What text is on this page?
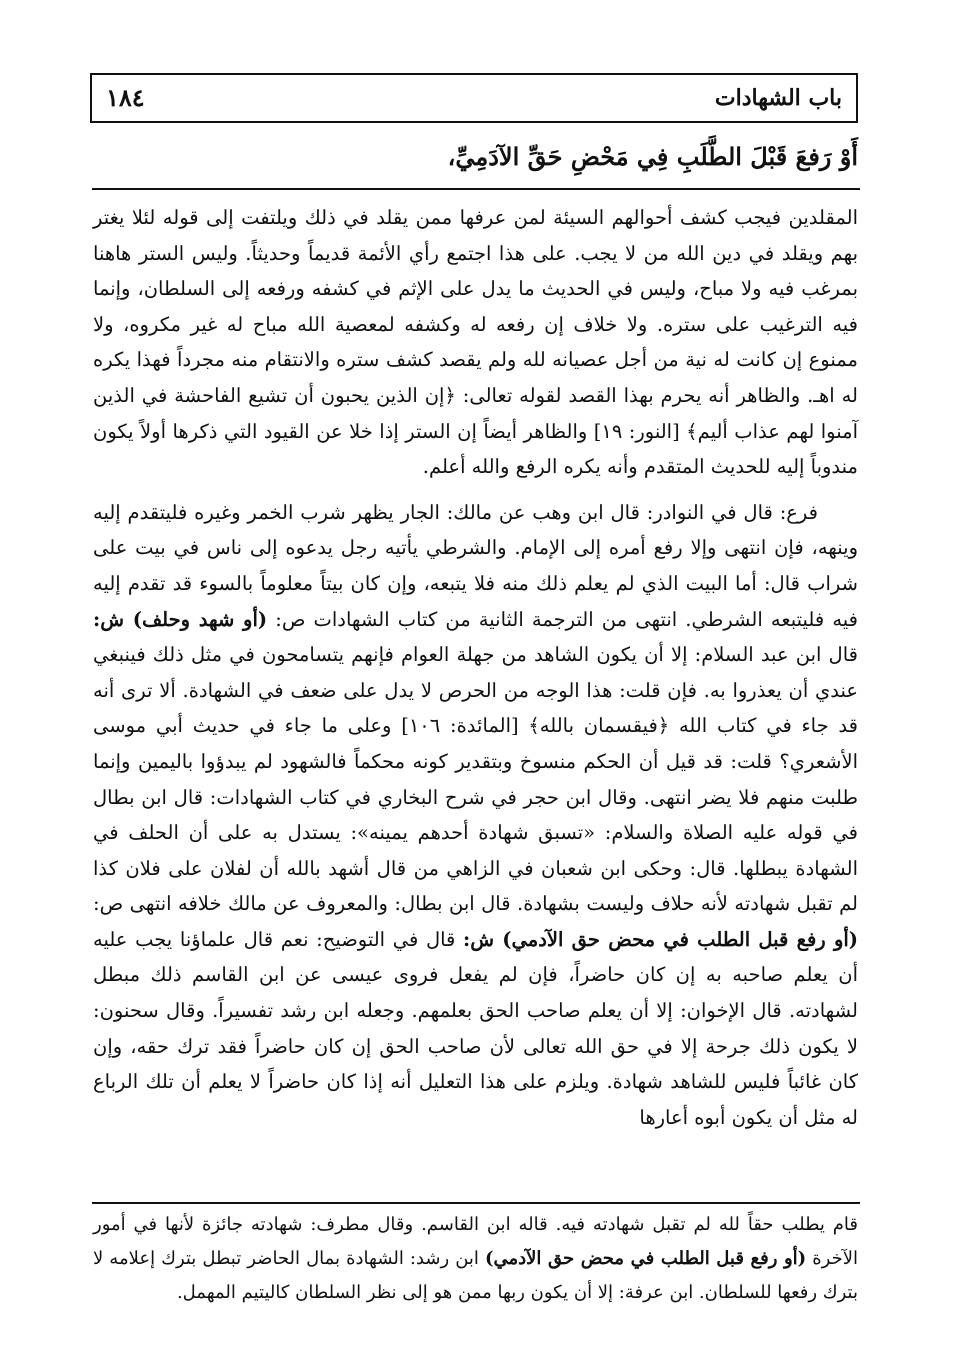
باب الشهادات
١٨٤
أَوْ رَفعَ قَبْلَ الطَّلَبِ فِي مَحْضِ حَقِّ الآدَمِيِّ،

المقلدين فيجب كشف أحوالهم السيئة لمن عرفها ممن يقلد في ذلك ويلتفت إلى قوله لئلا يغتر بهم ويقلد في دين الله من لا يجب. على هذا اجتمع رأي الأئمة قديماً وحديثاً. وليس الستر هاهنا بمرغب فيه ولا مباح، وليس في الحديث ما يدل على الإثم في كشفه ورفعه إلى السلطان، وإنما فيه الترغيب على ستره. ولا خلاف إن رفعه له وكشفه لمعصية الله مباح له غير مكروه، ولا ممنوع إن كانت له نية من أجل عصيانه لله ولم يقصد كشف ستره والانتقام منه مجرداً فهذا يكره له اهـ. والظاهر أنه يحرم بهذا القصد لقوله تعالى: ﴿إن الذين يحبون أن تشيع الفاحشة في الذين آمنوا لهم عذاب أليم﴾ [النور: ١٩] والظاهر أيضاً إن الستر إذا خلا عن القيود التي ذكرها أولاً يكون مندوباً إليه للحديث المتقدم وأنه يكره الرفع والله أعلم.

فرع: قال في النوادر: قال ابن وهب عن مالك: الجار يظهر شرب الخمر وغيره فليتقدم إليه وينهه، فإن انتهى وإلا رفع أمره إلى الإمام. والشرطي يأتيه رجل يدعوه إلى ناس في بيت على شراب قال: أما البيت الذي لم يعلم ذلك منه فلا يتبعه، وإن كان بيتاً معلوماً بالسوء قد تقدم إليه فيه فليتبعه الشرطي. انتهى من الترجمة الثانية من كتاب الشهادات ص: (أو شهد وحلف) ش: قال ابن عبد السلام: إلا أن يكون الشاهد من جهلة العوام فإنهم يتسامحون في مثل ذلك فينبغي عندي أن يعذروا به. فإن قلت: هذا الوجه من الحرص لا يدل على ضعف في الشهادة. ألا ترى أنه قد جاء في كتاب الله ﴿فيقسمان بالله﴾ [المائدة: ١٠٦] وعلى ما جاء في حديث أبي موسى الأشعري؟ قلت: قد قيل أن الحكم منسوخ وبتقدير كونه محكماً فالشهود لم يبدؤوا باليمين وإنما طلبت منهم فلا يضر انتهى. وقال ابن حجر في شرح البخاري في كتاب الشهادات: قال ابن بطال في قوله عليه الصلاة والسلام: «تسبق شهادة أحدهم يمينه»: يستدل به على أن الحلف في الشهادة يبطلها. قال: وحكى ابن شعبان في الزاهي من قال أشهد بالله أن لفلان على فلان كذا لم تقبل شهادته لأنه حلاف وليست بشهادة. قال ابن بطال: والمعروف عن مالك خلافه انتهى ص: (أو رفع قبل الطلب في محض حق الآدمي) ش: قال في التوضيح: نعم قال علماؤنا يجب عليه أن يعلم صاحبه به إن كان حاضراً، فإن لم يفعل فروى عيسى عن ابن القاسم ذلك مبطل لشهادته. قال الإخوان: إلا أن يعلم صاحب الحق بعلمهم. وجعله ابن رشد تفسيراً. وقال سحنون: لا يكون ذلك جرحة إلا في حق الله تعالى لأن صاحب الحق إن كان حاضراً فقد ترك حقه، وإن كان غائباً فليس للشاهد شهادة. ويلزم على هذا التعليل أنه إذا كان حاضراً لا يعلم أن تلك الرباع له مثل أن يكون أبوه أعارها

قام يطلب حقاً لله لم تقبل شهادته فيه. قاله ابن القاسم. وقال مطرف: شهادته جائزة لأنها في أمور الآخرة (أو رفع قبل الطلب في محض حق الآدمي) ابن رشد: الشهادة بمال الحاضر تبطل بترك إعلامه لا بترك رفعها للسلطان. ابن عرفة: إلا أن يكون ربها ممن هو إلى نظر السلطان كاليتيم المهمل.
